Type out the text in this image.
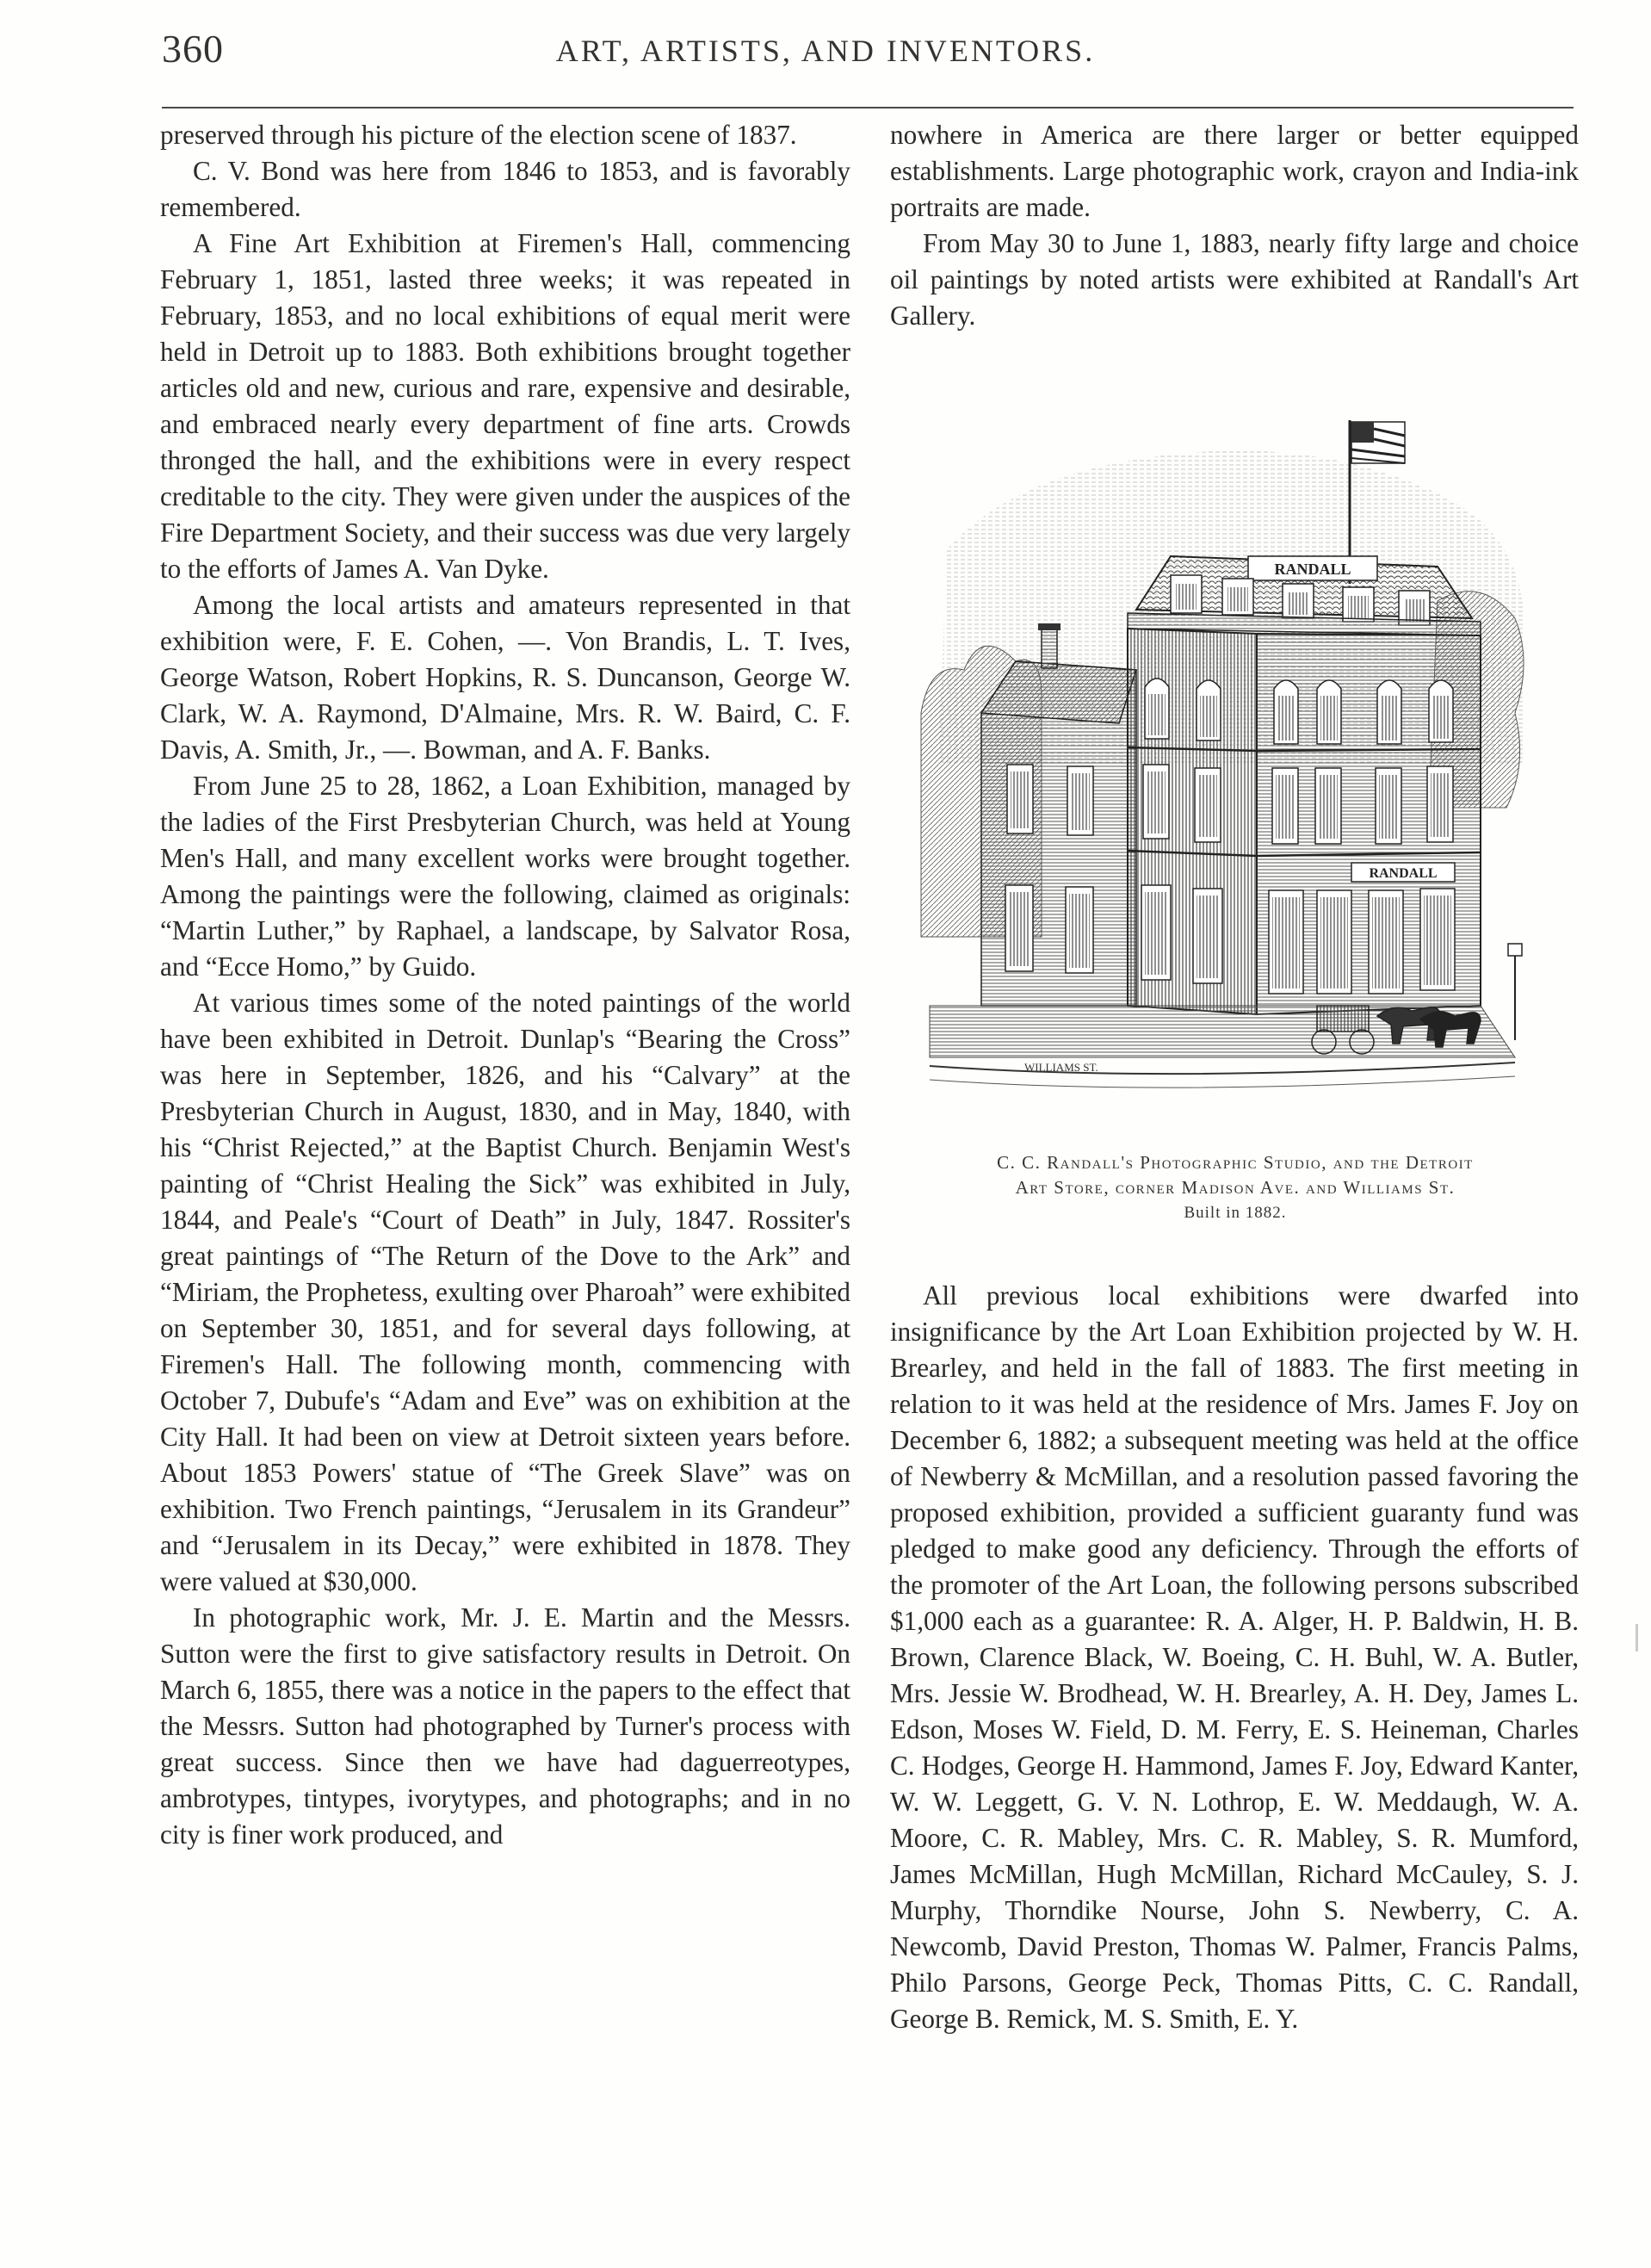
360	ART, ARTISTS, AND INVENTORS.

preserved through his picture of the election scene of 1837.

C. V. Bond was here from 1846 to 1853, and is favorably remembered.

A Fine Art Exhibition at Firemen's Hall, commencing February 1, 1851, lasted three weeks; it was repeated in February, 1853, and no local exhibitions of equal merit were held in Detroit up to 1883. Both exhibitions brought together articles old and new, curious and rare, expensive and desirable, and embraced nearly every department of fine arts. Crowds thronged the hall, and the exhibitions were in every respect creditable to the city. They were given under the auspices of the Fire Department Society, and their success was due very largely to the efforts of James A. Van Dyke.

Among the local artists and amateurs represented in that exhibition were, F. E. Cohen, —. Von Brandis, L. T. Ives, George Watson, Robert Hopkins, R. S. Duncanson, George W. Clark, W. A. Raymond, D'Almaine, Mrs. R. W. Baird, C. F. Davis, A. Smith, Jr., —. Bowman, and A. F. Banks.

From June 25 to 28, 1862, a Loan Exhibition, managed by the ladies of the First Presbyterian Church, was held at Young Men's Hall, and many excellent works were brought together. Among the paintings were the following, claimed as originals: “Martin Luther,” by Raphael, a landscape, by Salvator Rosa, and “Ecce Homo,” by Guido.

At various times some of the noted paintings of the world have been exhibited in Detroit. Dunlap's “Bearing the Cross” was here in September, 1826, and his “Calvary” at the Presbyterian Church in August, 1830, and in May, 1840, with his “Christ Rejected,” at the Baptist Church. Benjamin West's painting of “Christ Healing the Sick” was exhibited in July, 1844, and Peale's “Court of Death” in July, 1847. Rossiter's great paintings of “The Return of the Dove to the Ark” and “Miriam, the Prophetess, exulting over Pharoah” were exhibited on September 30, 1851, and for several days following, at Firemen's Hall. The following month, commencing with October 7, Dubufe's “Adam and Eve” was on exhibition at the City Hall. It had been on view at Detroit sixteen years before. About 1853 Powers' statue of “The Greek Slave” was on exhibition. Two French paintings, “Jerusalem in its Grandeur” and “Jerusalem in its Decay,” were exhibited in 1878. They were valued at $30,000.

In photographic work, Mr. J. E. Martin and the Messrs. Sutton were the first to give satisfactory results in Detroit. On March 6, 1855, there was a notice in the papers to the effect that the Messrs. Sutton had photographed by Turner's process with great success. Since then we have had daguerreotypes, ambrotypes, tintypes, ivorytypes, and photographs; and in no city is finer work produced, and

nowhere in America are there larger or better equipped establishments. Large photographic work, crayon and India-ink portraits are made.

From May 30 to June 1, 1883, nearly fifty large and choice oil paintings by noted artists were exhibited at Randall's Art Gallery.

RANDALL
RANDALL
WILLIAMS ST.
C. C. Randall's Photographic Studio, and the Detroit
Art Store, corner Madison Ave. and Williams St.
Built in 1882.

All previous local exhibitions were dwarfed into insignificance by the Art Loan Exhibition projected by W. H. Brearley, and held in the fall of 1883. The first meeting in relation to it was held at the residence of Mrs. James F. Joy on December 6, 1882; a subsequent meeting was held at the office of Newberry & McMillan, and a resolution passed favoring the proposed exhibition, provided a sufficient guaranty fund was pledged to make good any deficiency. Through the efforts of the promoter of the Art Loan, the following persons subscribed $1,000 each as a guarantee: R. A. Alger, H. P. Baldwin, H. B. Brown, Clarence Black, W. Boeing, C. H. Buhl, W. A. Butler, Mrs. Jessie W. Brodhead, W. H. Brearley, A. H. Dey, James L. Edson, Moses W. Field, D. M. Ferry, E. S. Heineman, Charles C. Hodges, George H. Hammond, James F. Joy, Edward Kanter, W. W. Leggett, G. V. N. Lothrop, E. W. Meddaugh, W. A. Moore, C. R. Mabley, Mrs. C. R. Mabley, S. R. Mumford, James McMillan, Hugh McMillan, Richard McCauley, S. J. Murphy, Thorndike Nourse, John S. Newberry, C. A. Newcomb, David Preston, Thomas W. Palmer, Francis Palms, Philo Parsons, George Peck, Thomas Pitts, C. C. Randall, George B. Remick, M. S. Smith, E. Y.
